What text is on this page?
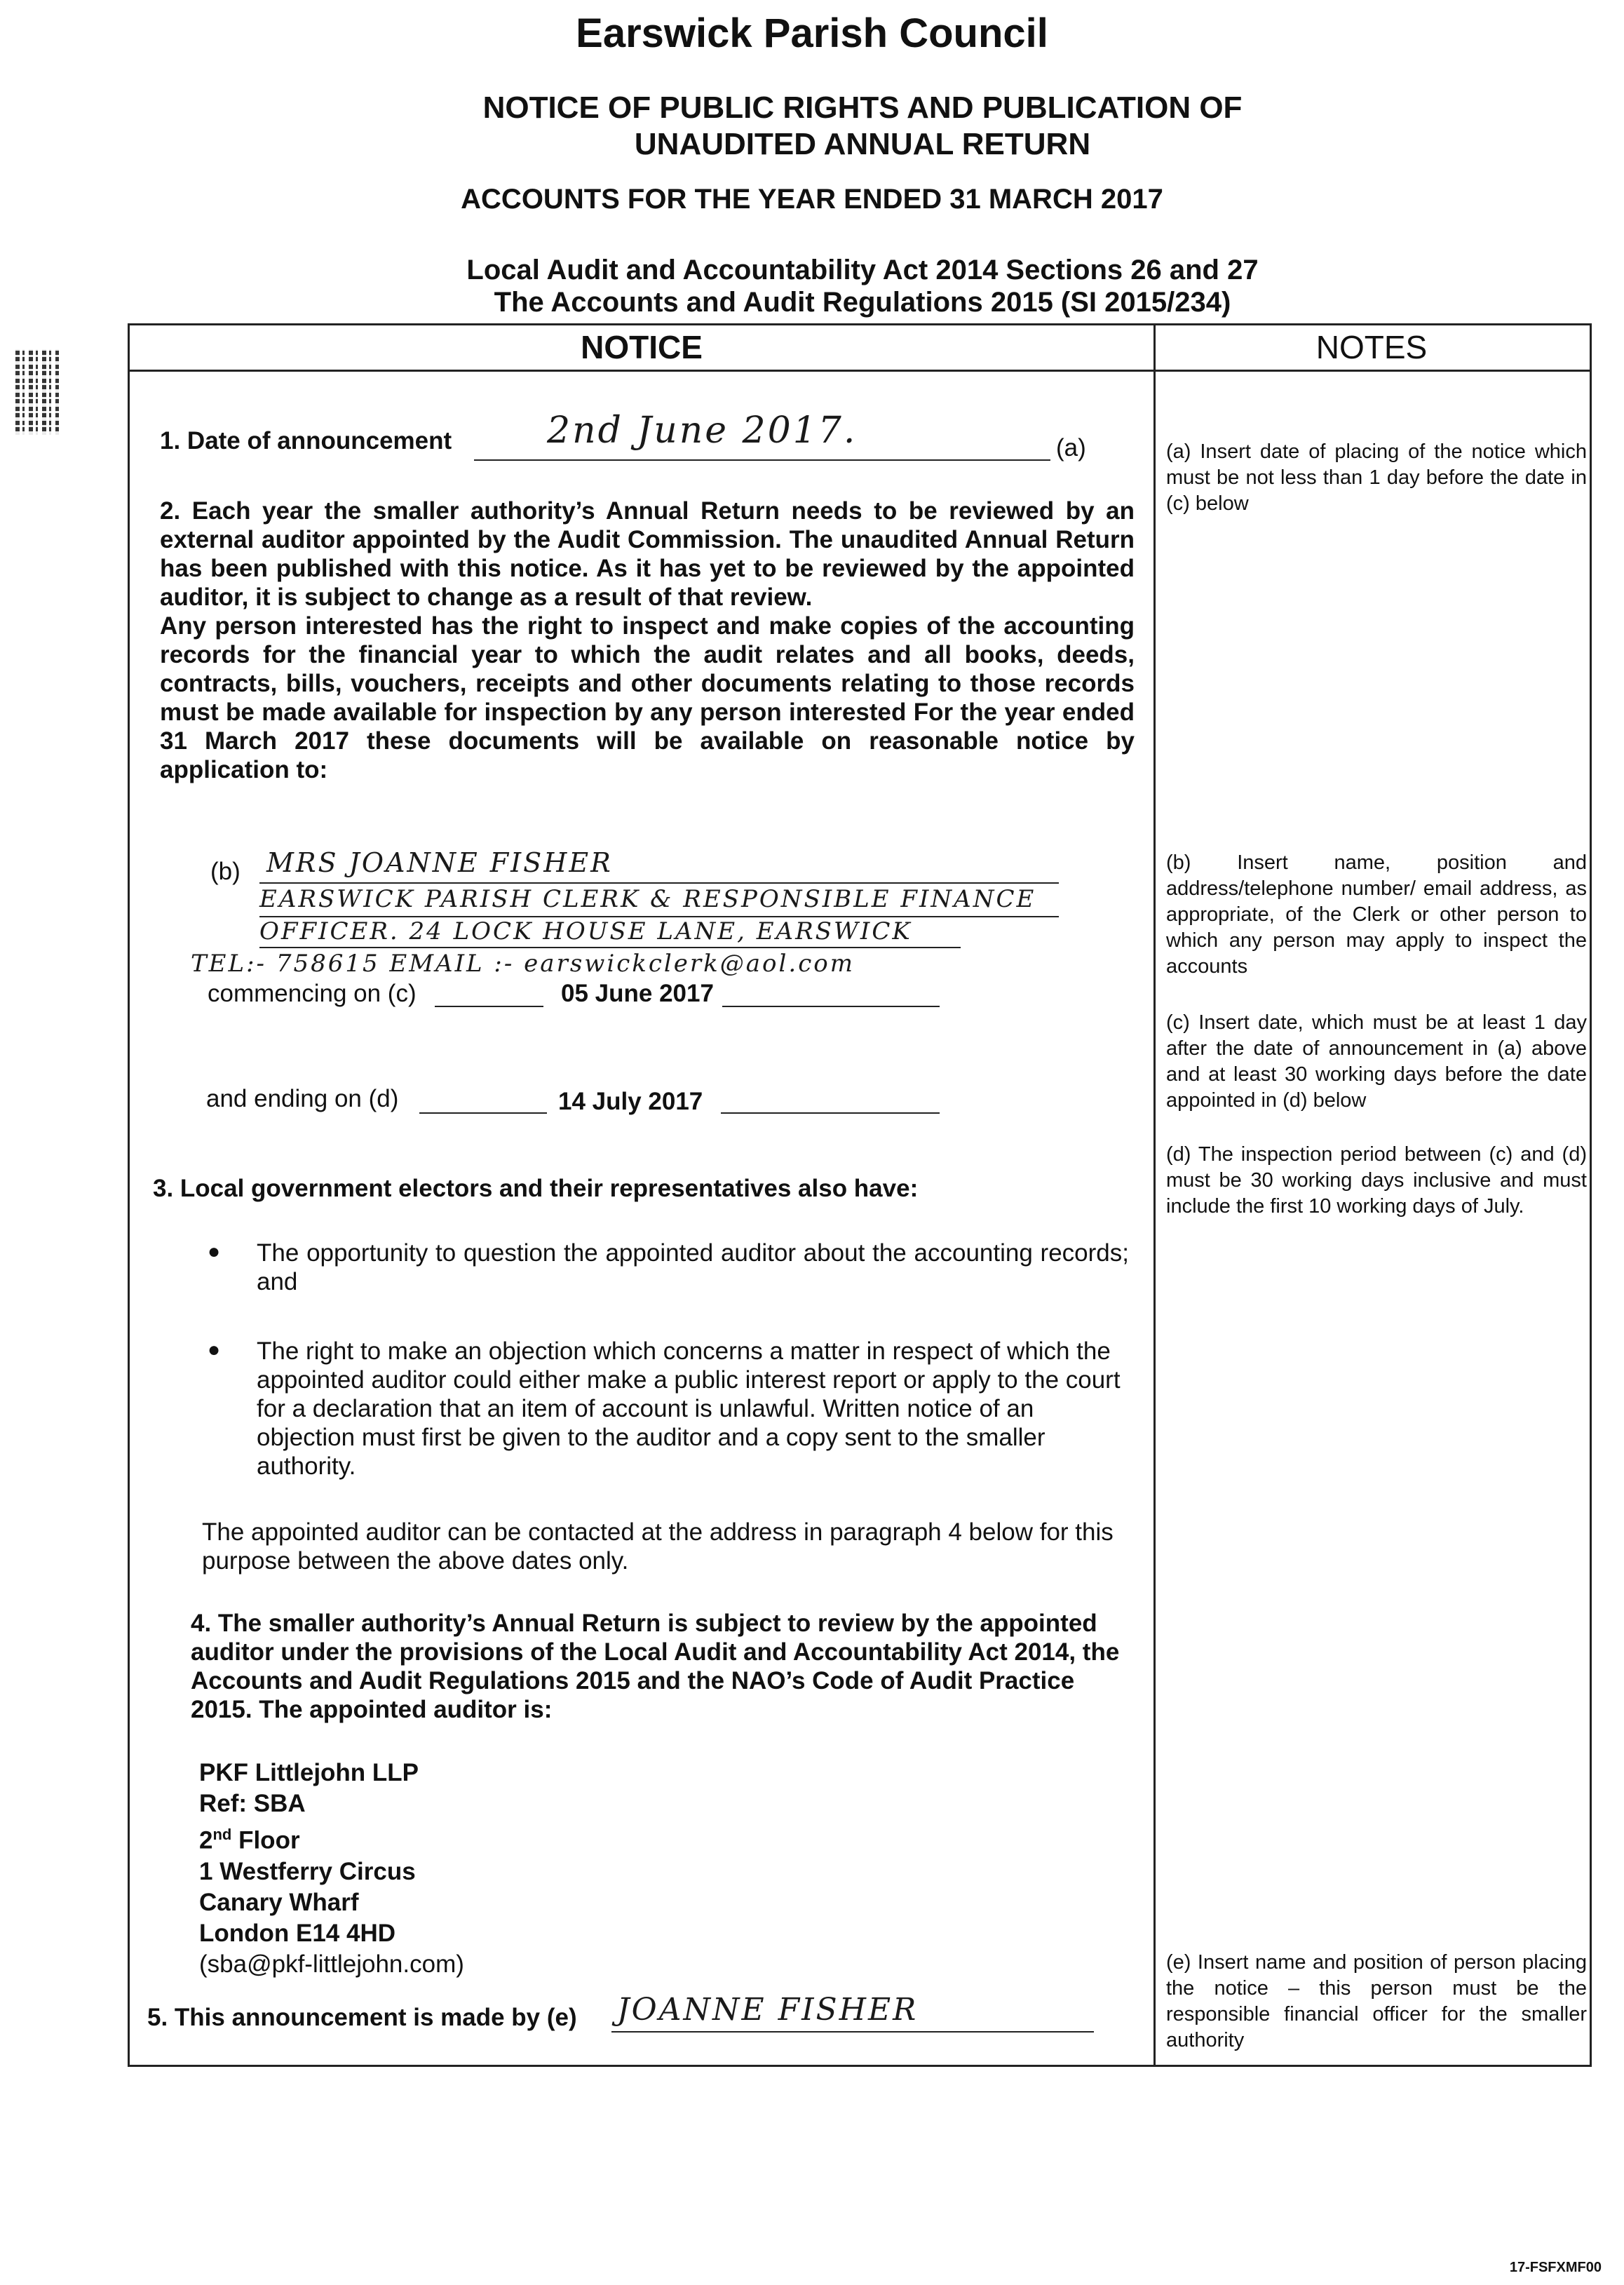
Earswick Parish Council
NOTICE OF PUBLIC RIGHTS AND PUBLICATION OF
UNAUDITED ANNUAL RETURN
ACCOUNTS FOR THE YEAR ENDED 31 MARCH 2017
Local Audit and Accountability Act 2014 Sections 26 and 27
The Accounts and Audit Regulations 2015 (SI 2015/234)
NOTICE	NOTES
1. Date of announcement	2nd June 2017.	(a)
2. Each year the smaller authority’s Annual Return needs to be reviewed by an external auditor appointed by the Audit Commission. The unaudited Annual Return has been published with this notice. As it has yet to be reviewed by the appointed auditor, it is subject to change as a result of that review.
Any person interested has the right to inspect and make copies of the accounting records for the financial year to which the audit relates and all books, deeds, contracts, bills, vouchers, receipts and other documents relating to those records must be made available for inspection by any person interested For the year ended 31 March 2017 these documents will be available on reasonable notice by application to:
(b) MRS JOANNE FISHER
EARSWICK PARISH CLERK & RESPONSIBLE FINANCE
OFFICER. 24 LOCK HOUSE LANE, EARSWICK
TEL:- 758615 EMAIL :- earswickclerk@aol.com
commencing on (c)	05 June 2017
and ending on (d)	14 July 2017
3. Local government electors and their representatives also have:
● The opportunity to question the appointed auditor about the accounting records; and
● The right to make an objection which concerns a matter in respect of which the appointed auditor could either make a public interest report or apply to the court for a declaration that an item of account is unlawful. Written notice of an objection must first be given to the auditor and a copy sent to the smaller authority.
The appointed auditor can be contacted at the address in paragraph 4 below for this purpose between the above dates only.
4. The smaller authority’s Annual Return is subject to review by the appointed auditor under the provisions of the Local Audit and Accountability Act 2014, the Accounts and Audit Regulations 2015 and the NAO’s Code of Audit Practice 2015. The appointed auditor is:
PKF Littlejohn LLP
Ref: SBA
2nd Floor
1 Westferry Circus
Canary Wharf
London E14 4HD
(sba@pkf-littlejohn.com)
5. This announcement is made by (e) JOANNE FISHER
(a) Insert date of placing of the notice which must be not less than 1 day before the date in (c) below
(b) Insert name, position and address/telephone number/ email address, as appropriate, of the Clerk or other person to which any person may apply to inspect the accounts
(c) Insert date, which must be at least 1 day after the date of announcement in (a) above and at least 30 working days before the date appointed in (d) below
(d) The inspection period between (c) and (d) must be 30 working days inclusive and must include the first 10 working days of July.
(e) Insert name and position of person placing the notice – this person must be the responsible financial officer for the smaller authority
17-FSFXMF00
